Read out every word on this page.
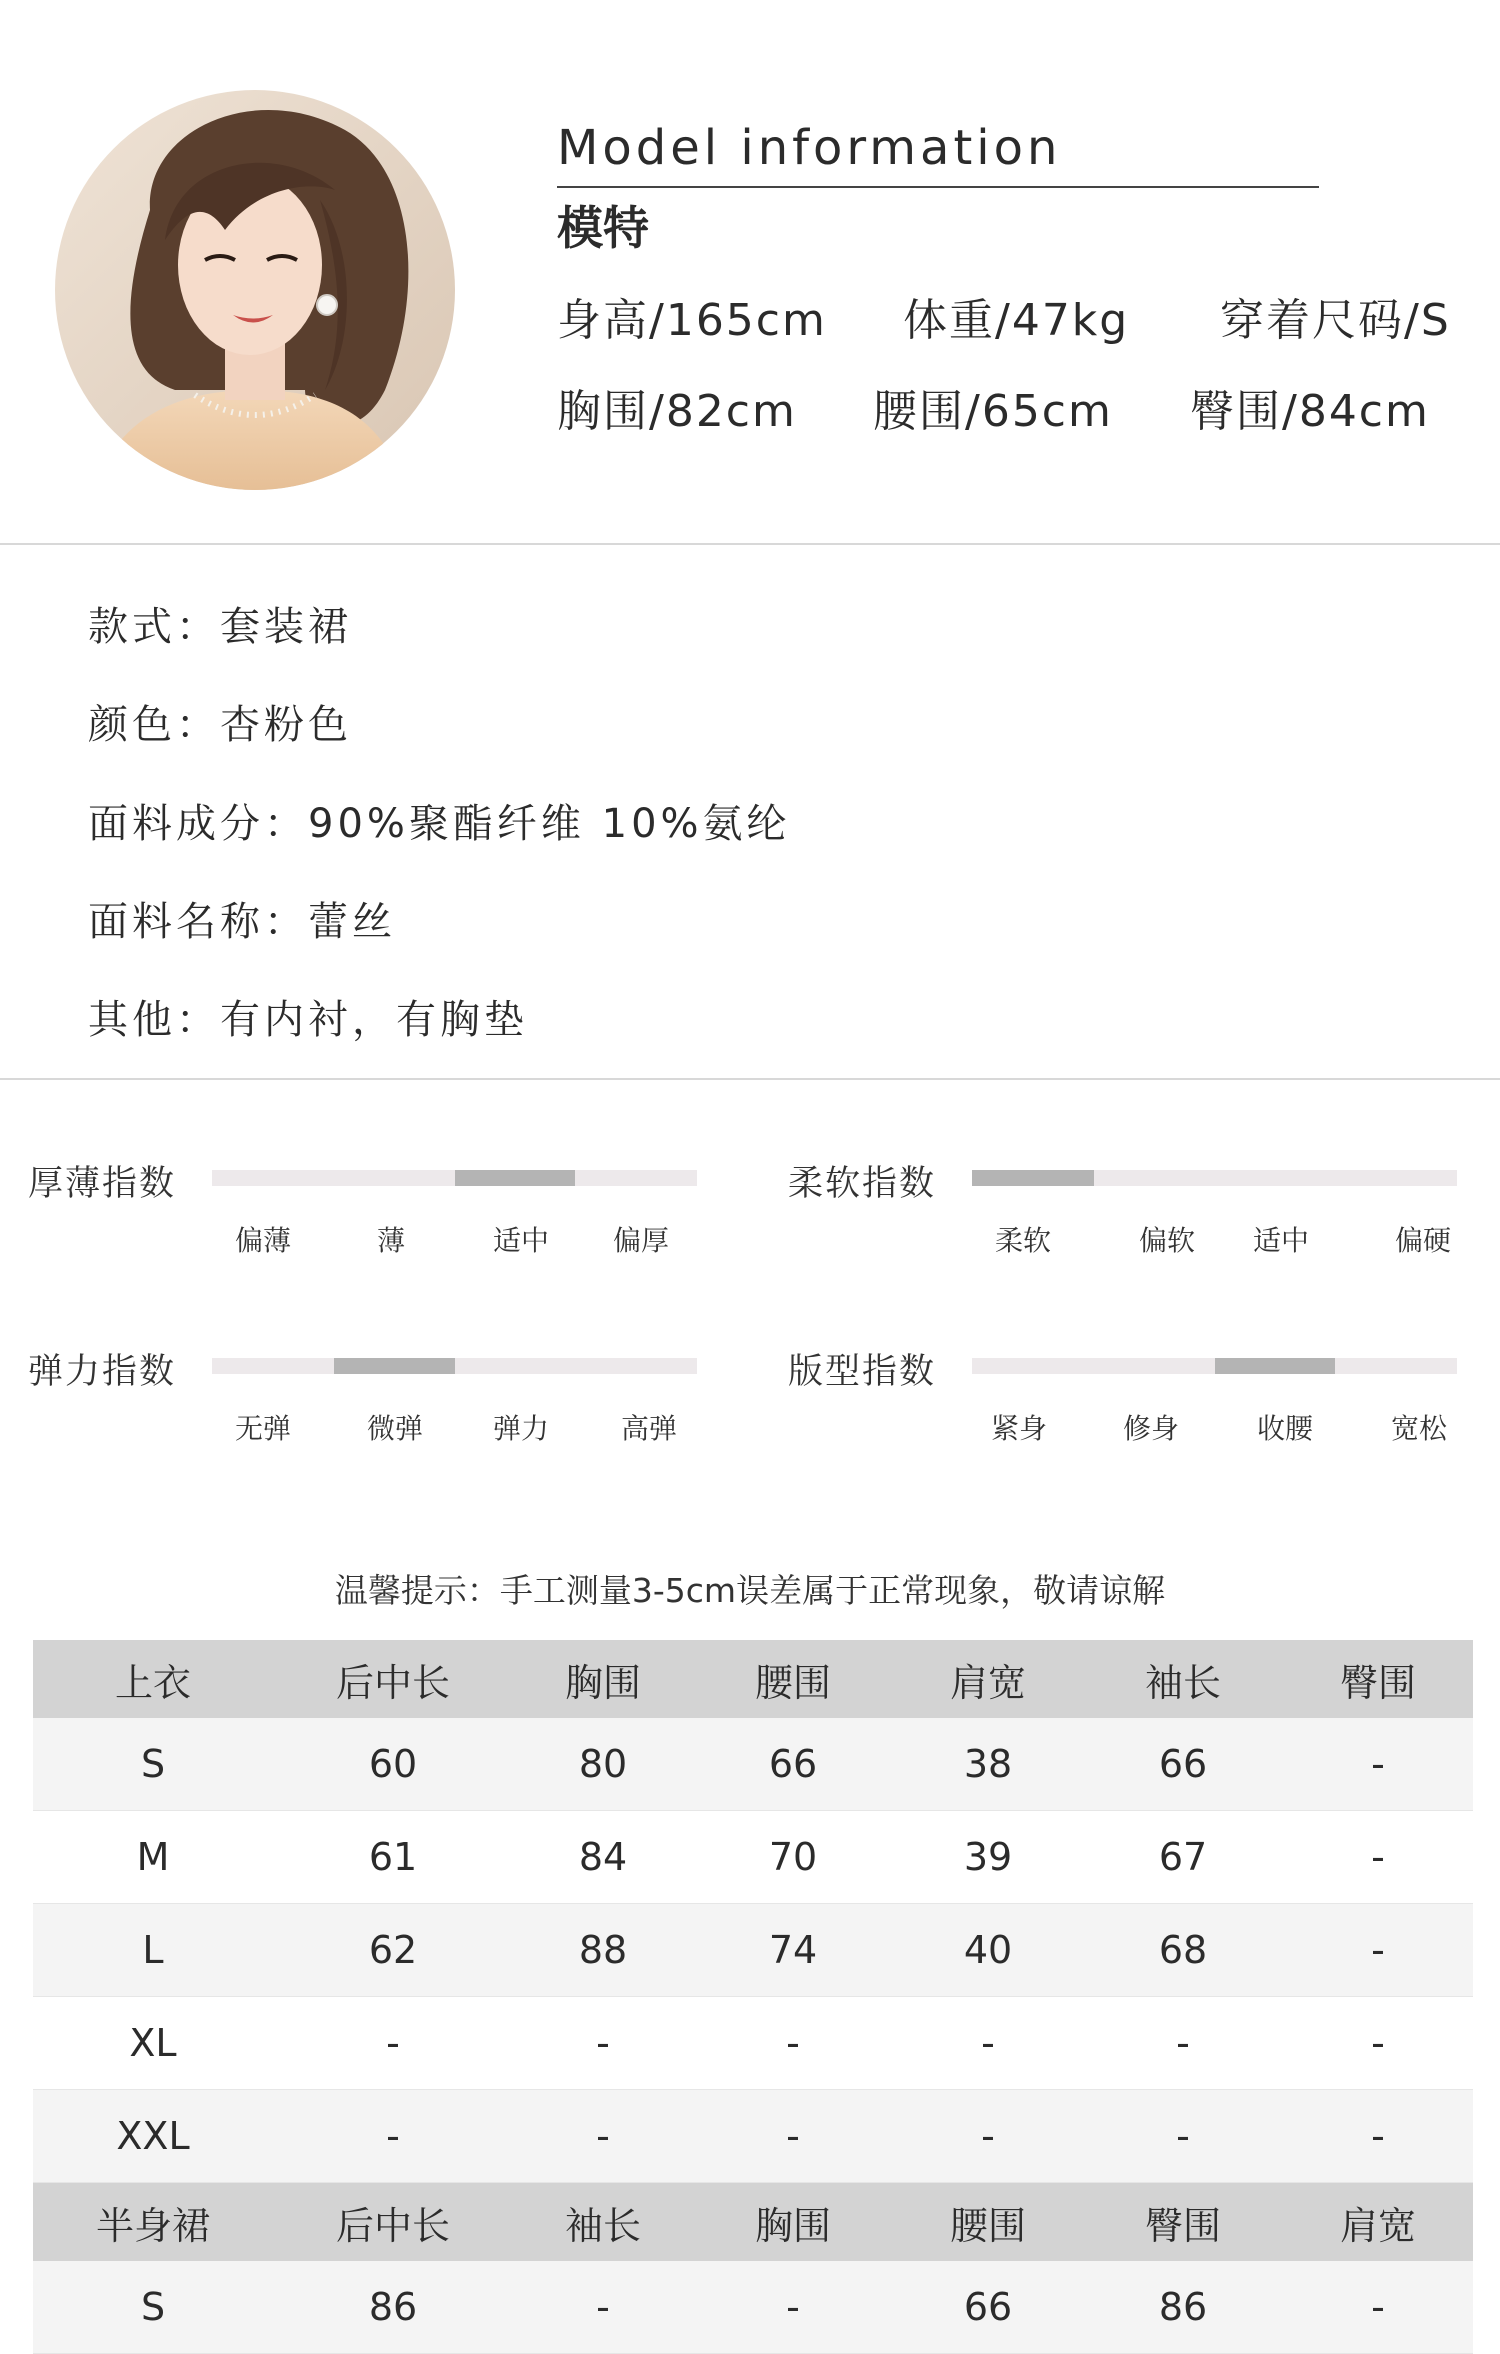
Model information
模特
身高/165cm 体重/47kg 穿着尺码/S
胸围/82cm 腰围/65cm 臀围/84cm
款式：套装裙
颜色：杏粉色
面料成分：90%聚酯纤维 10%氨纶
面料名称：蕾丝
其他：有内衬，有胸垫
厚薄指数
偏薄	薄	适中	偏厚
柔软指数
柔软	偏软	适中	偏硬
弹力指数
无弹	微弹	弹力	高弹
版型指数
紧身	修身	收腰	宽松
温馨提示：手工测量3-5cm误差属于正常现象，敬请谅解
上衣	后中长	胸围	腰围	肩宽	袖长	臀围
S	60	80	66	38	66	-
M	61	84	70	39	67	-
L	62	88	74	40	68	-
XL	-	-	-	-	-	-
XXL	-	-	-	-	-	-
半身裙	后中长	袖长	胸围	腰围	臀围	肩宽
S	86	-	-	66	86	-
